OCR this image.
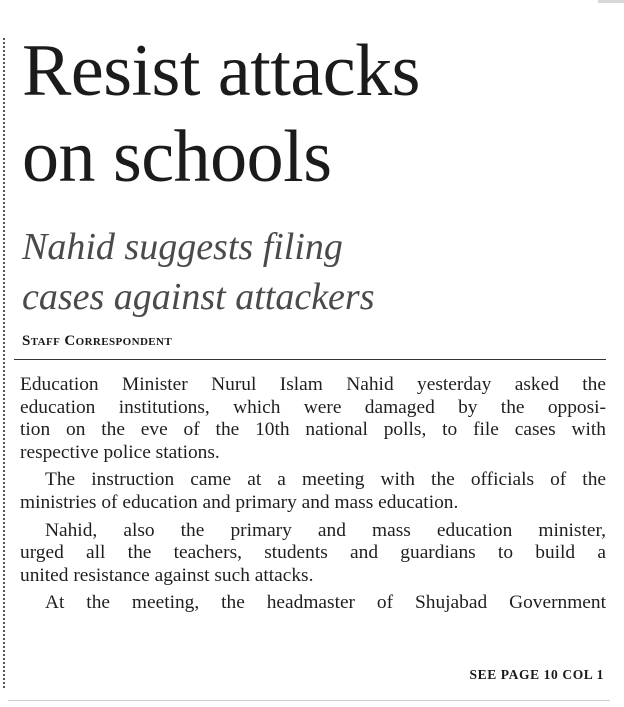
Resist attacks
on schools
Nahid suggests filing
cases against attackers
Staff Correspondent

Education Minister Nurul Islam Nahid yesterday asked the
education institutions, which were damaged by the opposi-
tion on the eve of the 10th national polls, to file cases with
respective police stations.

The instruction came at a meeting with the officials of the
ministries of education and primary and mass education.

Nahid, also the primary and mass education minister,
urged all the teachers, students and guardians to build a
united resistance against such attacks.

At the meeting, the headmaster of Shujabad Government

SEE PAGE 10 COL 1
